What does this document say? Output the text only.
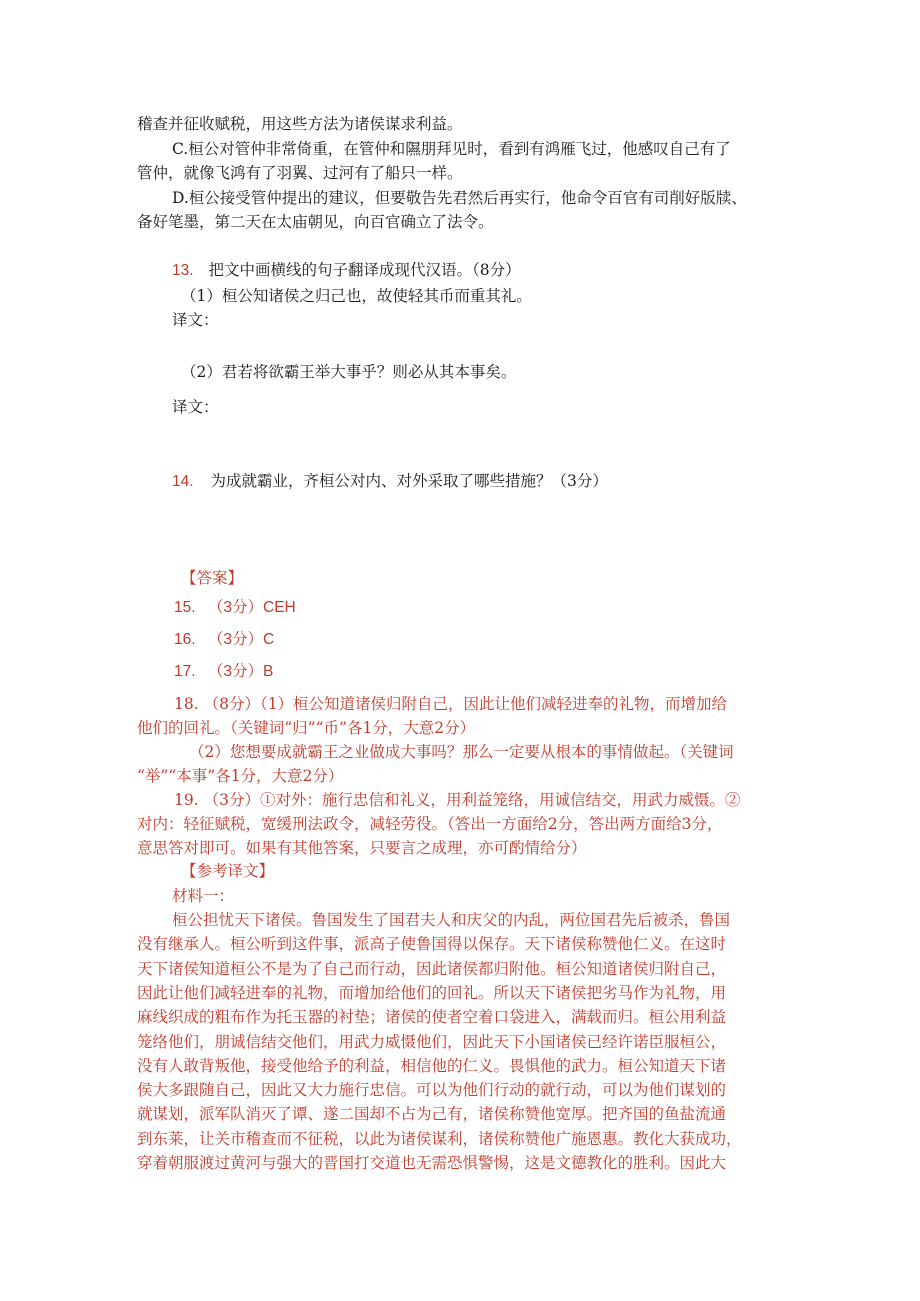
稽查并征收赋税，用这些方法为诸侯谋求利益。
C.桓公对管仲非常倚重，在管仲和隰朋拜见时，看到有鸿雁飞过，他感叹自己有了
管仲，就像飞鸿有了羽翼、过河有了船只一样。
D.桓公接受管仲提出的建议，但要敬告先君然后再实行，他命令百官有司削好版牍、
备好笔墨，第二天在太庙朝见，向百官确立了法令。
13. 把文中画横线的句子翻译成现代汉语。（8分）
（1）桓公知诸侯之归己也，故使轻其币而重其礼。
译文：
（2）君若将欲霸王举大事乎？则必从其本事矣。
译文：
14. 为成就霸业，齐桓公对内、对外采取了哪些措施？（3分）
【答案】
15. （3分）CEH
16. （3分）C
17. （3分）B
18. （8分）（1）桓公知道诸侯归附自己，因此让他们减轻进奉的礼物，而增加给
他们的回礼。（关键词“归”“币”各1分，大意2分）
（2）您想要成就霸王之业做成大事吗？那么一定要从根本的事情做起。（关键词
“举”“本事”各1分，大意2分）
19. （3分）①对外：施行忠信和礼义，用利益笼络，用诚信结交，用武力威慑。②
对内：轻征赋税，宽缓刑法政令，减轻劳役。（答出一方面给2分，答出两方面给3分，
意思答对即可。如果有其他答案，只要言之成理，亦可酌情给分）
【参考译文】
材料一：
桓公担忧天下诸侯。鲁国发生了国君夫人和庆父的内乱，两位国君先后被杀，鲁国
没有继承人。桓公听到这件事，派高子使鲁国得以保存。天下诸侯称赞他仁义。在这时
天下诸侯知道桓公不是为了自己而行动，因此诸侯都归附他。桓公知道诸侯归附自己，
因此让他们减轻进奉的礼物，而增加给他们的回礼。所以天下诸侯把劣马作为礼物，用
麻线织成的粗布作为托玉器的衬垫；诸侯的使者空着口袋进入，满载而归。桓公用利益
笼络他们，朋诚信结交他们，用武力威慑他们，因此天下小国诸侯已经许诺臣服桓公，
没有人敢背叛他，接受他给予的利益，相信他的仁义。畏惧他的武力。桓公知道天下诸
侯大多跟随自己，因此又大力施行忠信。可以为他们行动的就行动，可以为他们谋划的
就谋划，派军队消灭了谭、遂二国却不占为己有，诸侯称赞他宽厚。把齐国的鱼盐流通
到东莱，让关市稽查而不征税，以此为诸侯谋利，诸侯称赞他广施恩惠。教化大获成功，
穿着朝服渡过黄河与强大的晋国打交道也无需恐惧警惕，这是文德教化的胜利。因此大
